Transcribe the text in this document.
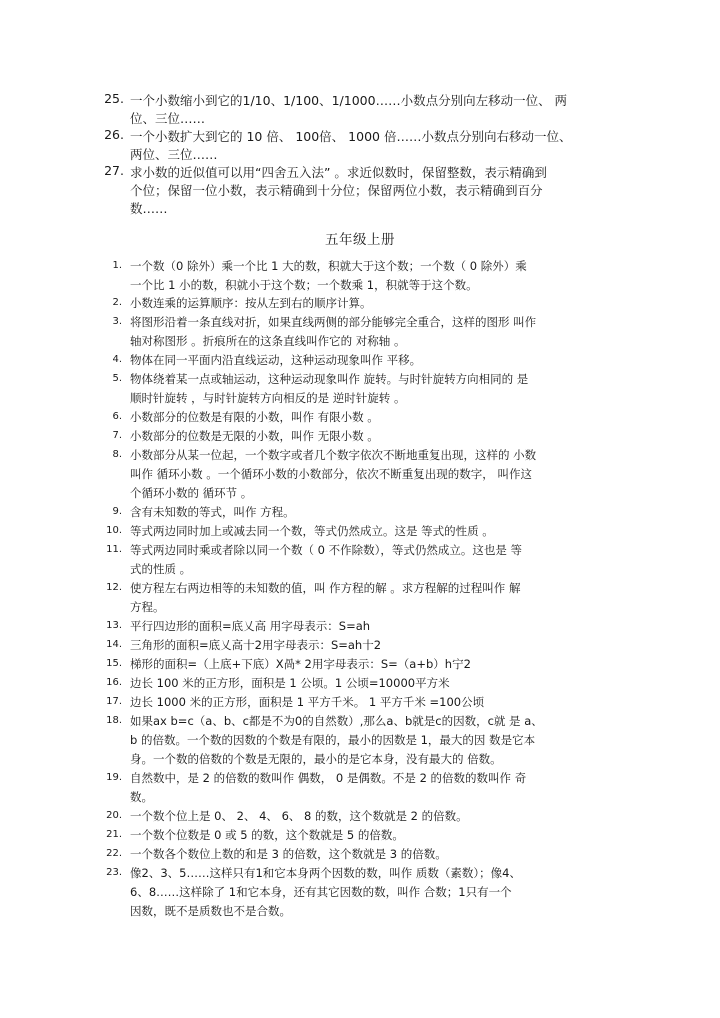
25. 一个小数缩小到它的1/10、1/100、1/1000……小数点分别向左移动一位、 两
位、三位……
26. 一个小数扩大到它的 10 倍、 100倍、 1000 倍……小数点分别向右移动一位、
两位、三位……
27. 求小数的近似值可以用“四舍五入法” 。求近似数时，保留整数，表示精确到
个位；保留一位小数，表示精确到十分位；保留两位小数，表示精确到百分
数……
五年级上册
1. 一个数（0 除外）乘一个比 1 大的数，积就大于这个数；一个数（ 0 除外）乘
一个比 1 小的数，积就小于这个数；一个数乘 1，积就等于这个数。
2. 小数连乘的运算顺序：按从左到右的顺序计算。
3. 将图形沿着一条直线对折，如果直线两侧的部分能够完全重合，这样的图形 叫作
轴对称图形 。折痕所在的这条直线叫作它的 对称轴 。
4. 物体在同一平面内沿直线运动，这种运动现象叫作 平移。
5. 物体绕着某一点或轴运动，这种运动现象叫作 旋转。与时针旋转方向相同的 是
顺时针旋转 ，与时针旋转方向相反的是 逆时针旋转 。
6. 小数部分的位数是有限的小数，叫作 有限小数 。
7. 小数部分的位数是无限的小数，叫作 无限小数 。
8. 小数部分从某一位起，一个数字或者几个数字依次不断地重复出现，这样的 小数
叫作 循环小数 。一个循环小数的小数部分，依次不断重复出现的数字， 叫作这
个循环小数的 循环节 。
9. 含有未知数的等式，叫作 方程。
10. 等式两边同时加上或减去同一个数，等式仍然成立。这是 等式的性质 。
11. 等式两边同时乘或者除以同一个数（ 0 不作除数），等式仍然成立。这也是 等
式的性质 。
12. 使方程左右两边相等的未知数的值，叫 作方程的解 。求方程解的过程叫作 解
方程。
13. 平行四边形的面积=底乂高 用字母表示：S=ah
14. 三角形的面积=底乂高十2用字母表示：S=ah十2
15. 梯形的面积=（上底+下底）X咼* 2用字母表示：S=（a+b）h宁2
16. 边长 100 米的正方形，面积是 1 公顷。1 公顷=10000平方米
17. 边长 1000 米的正方形，面积是 1 平方千米。 1 平方千米 =100公顷
18. 如果ax b=c（a、b、c都是不为0的自然数）,那么a、b就是c的因数，c就 是 a、
b 的倍数。一个数的因数的个数是有限的，最小的因数是 1，最大的因 数是它本
身。一个数的倍数的个数是无限的，最小的是它本身，没有最大的 倍数。
19. 自然数中，是 2 的倍数的数叫作 偶数， 0 是偶数。不是 2 的倍数的数叫作 奇
数。
20. 一个数个位上是 0、 2、 4、 6、 8 的数，这个数就是 2 的倍数。
21. 一个数个位数是 0 或 5 的数，这个数就是 5 的倍数。
22. 一个数各个数位上数的和是 3 的倍数，这个数就是 3 的倍数。
23. 像2、3、5……这样只有1和它本身两个因数的数，叫作 质数（素数）；像4、
6、8……这样除了 1和它本身，还有其它因数的数，叫作 合数；1只有一个
因数，既不是质数也不是合数。
